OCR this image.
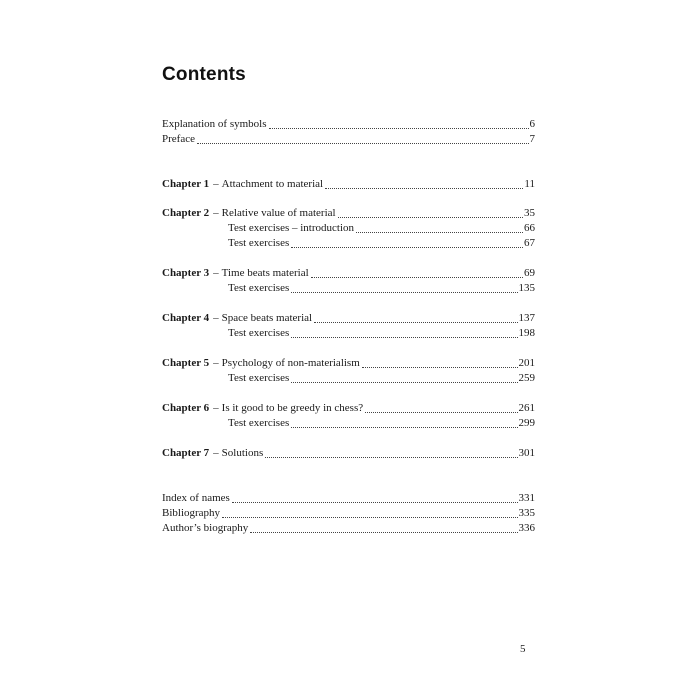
Contents
Explanation of symbols	6
Preface	7
Chapter 1 – Attachment to material	11
Chapter 2 – Relative value of material	35
Test exercises – introduction	66
Test exercises	67
Chapter 3 – Time beats material	69
Test exercises	135
Chapter 4 – Space beats material	137
Test exercises	198
Chapter 5 – Psychology of non-materialism	201
Test exercises	259
Chapter 6 – Is it good to be greedy in chess?	261
Test exercises	299
Chapter 7 – Solutions	301
Index of names	331
Bibliography	335
Author’s biography	336
5
